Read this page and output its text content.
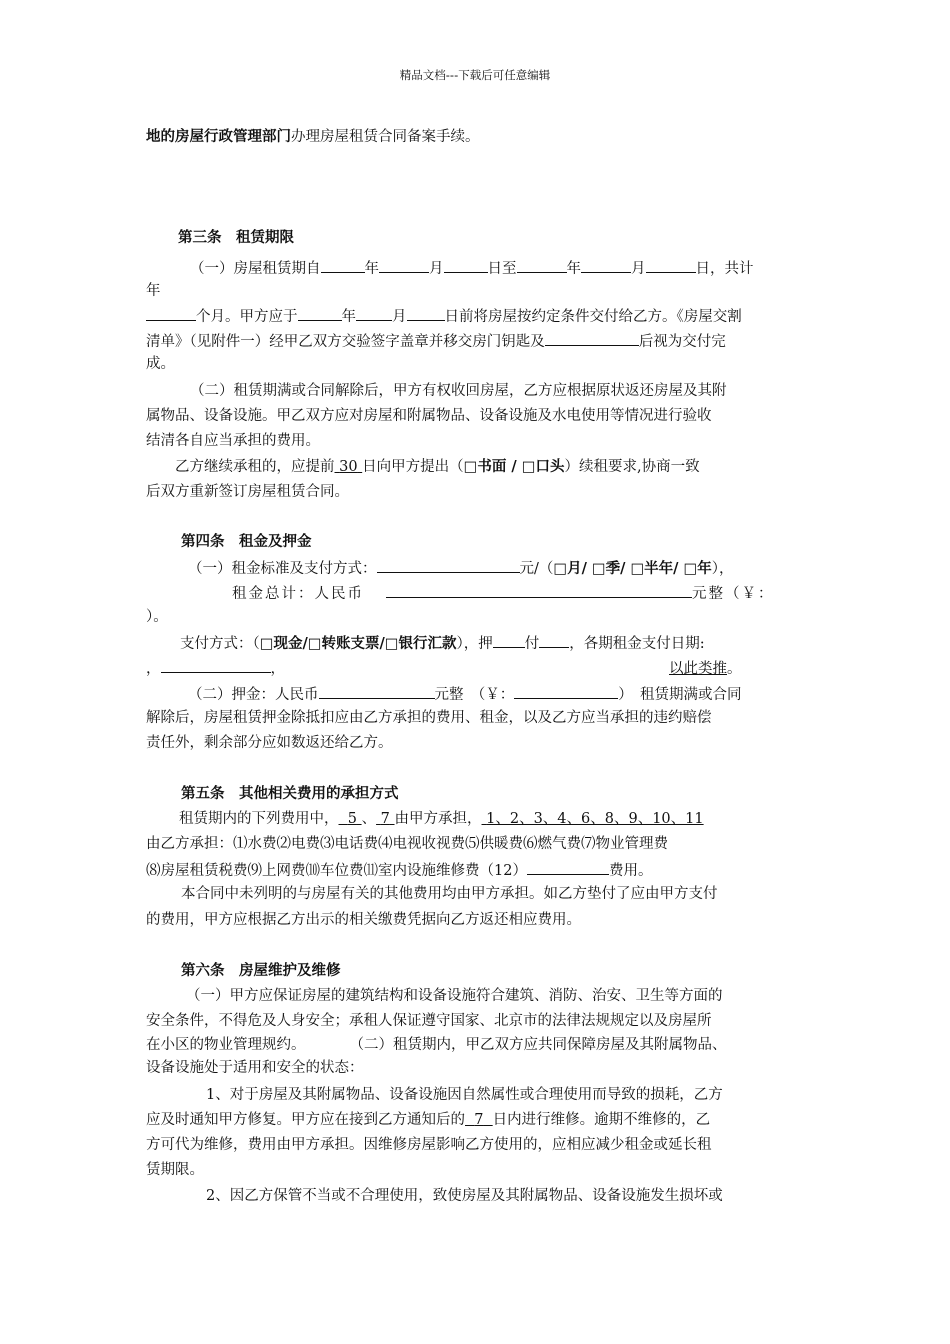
精品文档---下载后可任意编辑
地的房屋行政管理部门办理房屋租赁合同备案手续。
第三条　租赁期限
（一）房屋租赁期自	年	月	日至	年	月	日，共计
年
个月。甲方应于	年 月	日前将房屋按约定条件交付给乙方。《房屋交割
清单》（见附件一）经甲乙双方交验签字盖章并移交房门钥匙及	后视为交付完
成。
（二）租赁期满或合同解除后，甲方有权收回房屋，乙方应根据原状返还房屋及其附
属物品、设备设施。甲乙双方应对房屋和附属物品、设备设施及水电使用等情况进行验收
结清各自应当承担的费用。
乙方继续承租的，应提前 30 日向甲方提出（□书面 / □口头）续租要求,协商一致
后双方重新签订房屋租赁合同。
第四条　租金及押金
（一）租金标准及支付方式：	元/（□月/ □季/ □半年/ □年），
租金总计：人民币	元整（￥：
）。
支付方式：（□现金/□转账支票/□银行汇款），押 付 ，各期租金支付日期:
，	，	以此类推。
（二）押金：人民币	元整　（￥：	）　租赁期满或合同
解除后，房屋租赁押金除抵扣应由乙方承担的费用、租金，以及乙方应当承担的违约赔偿
责任外，剩余部分应如数返还给乙方。
第五条　其他相关费用的承担方式
租赁期内的下列费用中， 5 、 7 由甲方承担， 1、2、3、4、6、8、9、10、11
由乙方承担：⑴水费⑵电费⑶电话费⑷电视收视费⑸供暖费⑹燃气费⑺物业管理费
⑻房屋租赁税费⑼上网费⑽车位费⑾室内设施维修费（12）	费用。
本合同中未列明的与房屋有关的其他费用均由甲方承担。如乙方垫付了应由甲方支付
的费用，甲方应根据乙方出示的相关缴费凭据向乙方返还相应费用。
第六条　房屋维护及维修
（一）甲方应保证房屋的建筑结构和设备设施符合建筑、消防、治安、卫生等方面的
安全条件，不得危及人身安全；承租人保证遵守国家、北京市的法律法规规定以及房屋所
在小区的物业管理规约。	（二）租赁期内，甲乙双方应共同保障房屋及其附属物品、
设备设施处于适用和安全的状态：
1、对于房屋及其附属物品、设备设施因自然属性或合理使用而导致的损耗，乙方
应及时通知甲方修复。甲方应在接到乙方通知后的 7 日内进行维修。逾期不维修的，乙
方可代为维修，费用由甲方承担。因维修房屋影响乙方使用的，应相应减少租金或延长租
赁期限。
2、因乙方保管不当或不合理使用，致使房屋及其附属物品、设备设施发生损坏或
